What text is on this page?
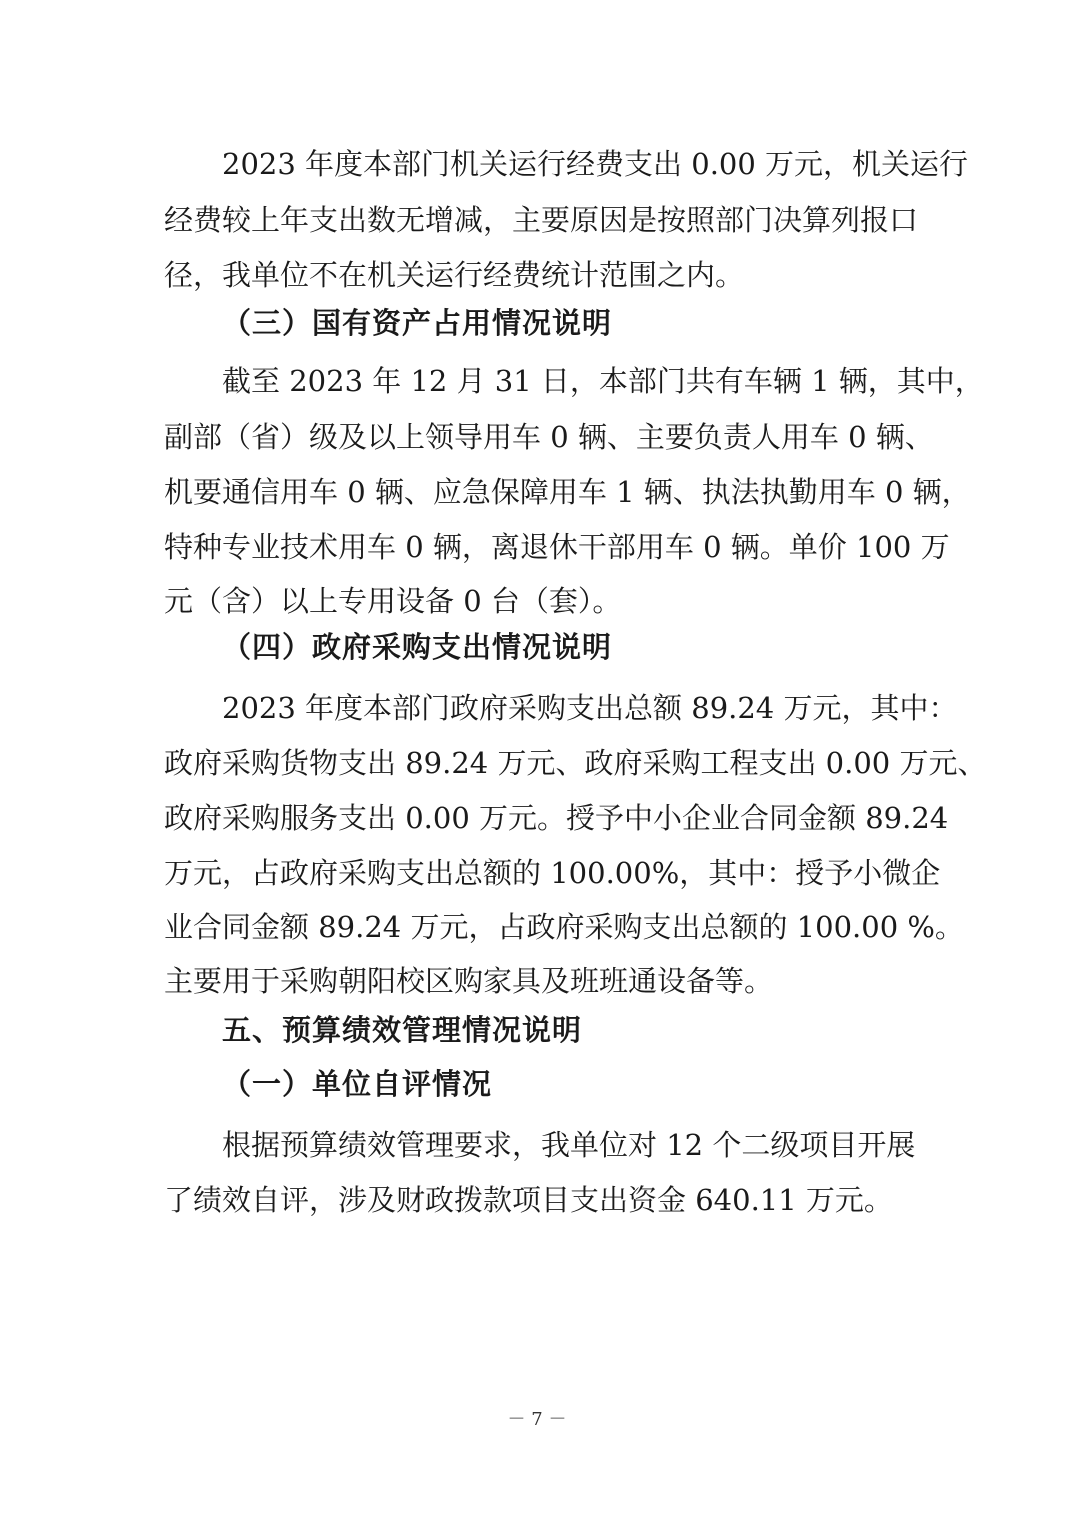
2023 年度本部门机关运行经费支出 0.00 万元，机关运行
经费较上年支出数无增减，主要原因是按照部门决算列报口
径，我单位不在机关运行经费统计范围之内。
（三）国有资产占用情况说明
截至 2023 年 12 月 31 日，本部门共有车辆 1 辆，其中，
副部（省）级及以上领导用车 0 辆、主要负责人用车 0 辆、
机要通信用车 0 辆、应急保障用车 1 辆、执法执勤用车 0 辆，
特种专业技术用车 0 辆，离退休干部用车 0 辆。单价 100 万
元（含）以上专用设备 0 台（套）。
（四）政府采购支出情况说明
2023 年度本部门政府采购支出总额 89.24 万元，其中：
政府采购货物支出 89.24 万元、政府采购工程支出 0.00 万元、
政府采购服务支出 0.00 万元。授予中小企业合同金额 89.24
万元，占政府采购支出总额的 100.00%，其中：授予小微企
业合同金额 89.24 万元，占政府采购支出总额的 100.00 %。
主要用于采购朝阳校区购家具及班班通设备等。
五、预算绩效管理情况说明
（一）单位自评情况
根据预算绩效管理要求，我单位对 12 个二级项目开展
了绩效自评，涉及财政拨款项目支出资金 640.11 万元。
－ 7 －
